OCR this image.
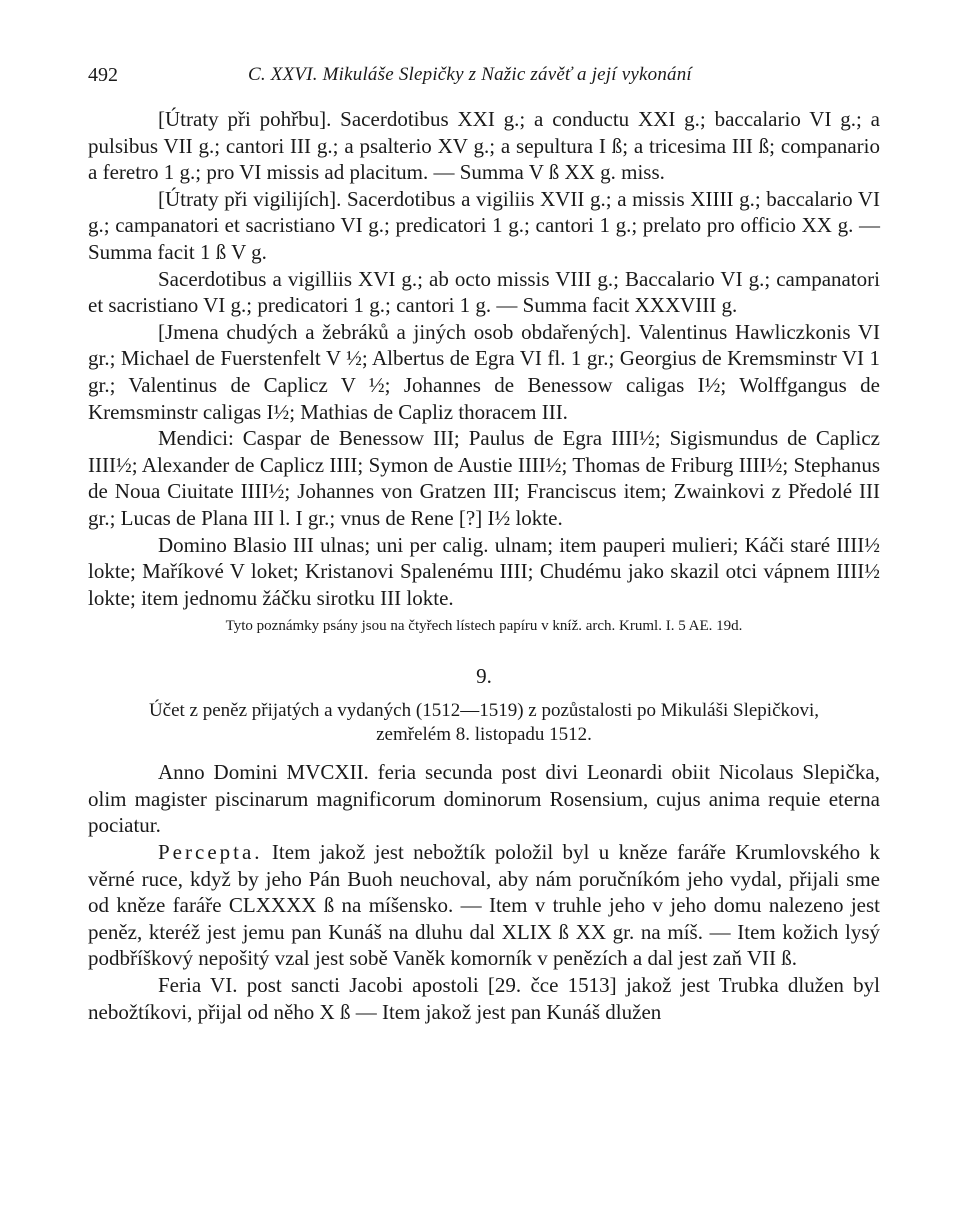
492	C. XXVI. Mikuláše Slepičky z Nažic závěť a její vykonání

[Útraty při pohřbu]. Sacerdotibus XXI g.; a conductu XXI g.; baccalario VI g.; a pulsibus VII g.; cantori III g.; a psalterio XV g.; a sepultura I ß; a tricesima III ß; companario a feretro 1 g.; pro VI missis ad placitum. — Summa V ß XX g. miss.

[Útraty při vigilijích]. Sacerdotibus a vigiliis XVII g.; a missis XIIII g.; baccalario VI g.; campanatori et sacristiano VI g.; predicatori 1 g.; cantori 1 g.; prelato pro officio XX g. — Summa facit 1 ß V g.

Sacerdotibus a vigilliis XVI g.; ab octo missis VIII g.; Baccalario VI g.; campanatori et sacristiano VI g.; predicatori 1 g.; cantori 1 g. — Summa facit XXXVIII g.

[Jmena chudých a žebráků a jiných osob obdařených]. Valentinus Hawliczkonis VI gr.; Michael de Fuerstenfelt V ½; Albertus de Egra VI fl. 1 gr.; Georgius de Kremsminstr VI 1 gr.; Valentinus de Caplicz V ½; Johannes de Benessow caligas I½; Wolffgangus de Kremsminstr caligas I½; Mathias de Capliz thoracem III.

Mendici: Caspar de Benessow III; Paulus de Egra IIII½; Sigismundus de Caplicz IIII½; Alexander de Caplicz IIII; Symon de Austie IIII½; Thomas de Friburg IIII½; Stephanus de Noua Ciuitate IIII½; Johannes von Gratzen III; Franciscus item; Zwainkovi z Předolé III gr.; Lucas de Plana III l. I gr.; vnus de Rene [?] I½ lokte.

Domino Blasio III ulnas; uni per calig. ulnam; item pauperi mulieri; Káči staré IIII½ lokte; Maříkové V loket; Kristanovi Spalenému IIII; Chudému jako skazil otci vápnem IIII½ lokte; item jednomu žáčku sirotku III lokte.

Tyto poznámky psány jsou na čtyřech lístech papíru v kníž. arch. Kruml. I. 5 AE. 19d.

9.
Účet z peněz přijatých a vydaných (1512—1519) z pozůstalosti po Mikuláši Slepičkovi,
zemřelém 8. listopadu 1512.

Anno Domini MVCXII. feria secunda post divi Leonardi obiit Nicolaus Slepička, olim magister piscinarum magnificorum dominorum Rosensium, cujus anima requie eterna pociatur.

Percepta. Item jakož jest nebožtík položil byl u kněze faráře Krumlovského k věrné ruce, když by jeho Pán Buoh neuchoval, aby nám poručníkóm jeho vydal, přijali sme od kněze faráře CLXXXX ß na míšensko. — Item v truhle jeho v jeho domu nalezeno jest peněz, kteréž jest jemu pan Kunáš na dluhu dal XLIX ß XX gr. na míš. — Item kožich lysý podbříškový nepošitý vzal jest sobě Vaněk komorník v penězích a dal jest zaň VII ß.

Feria VI. post sancti Jacobi apostoli [29. čce 1513] jakož jest Trubka dlužen byl nebožtíkovi, přijal od něho X ß — Item jakož jest pan Kunáš dlužen
